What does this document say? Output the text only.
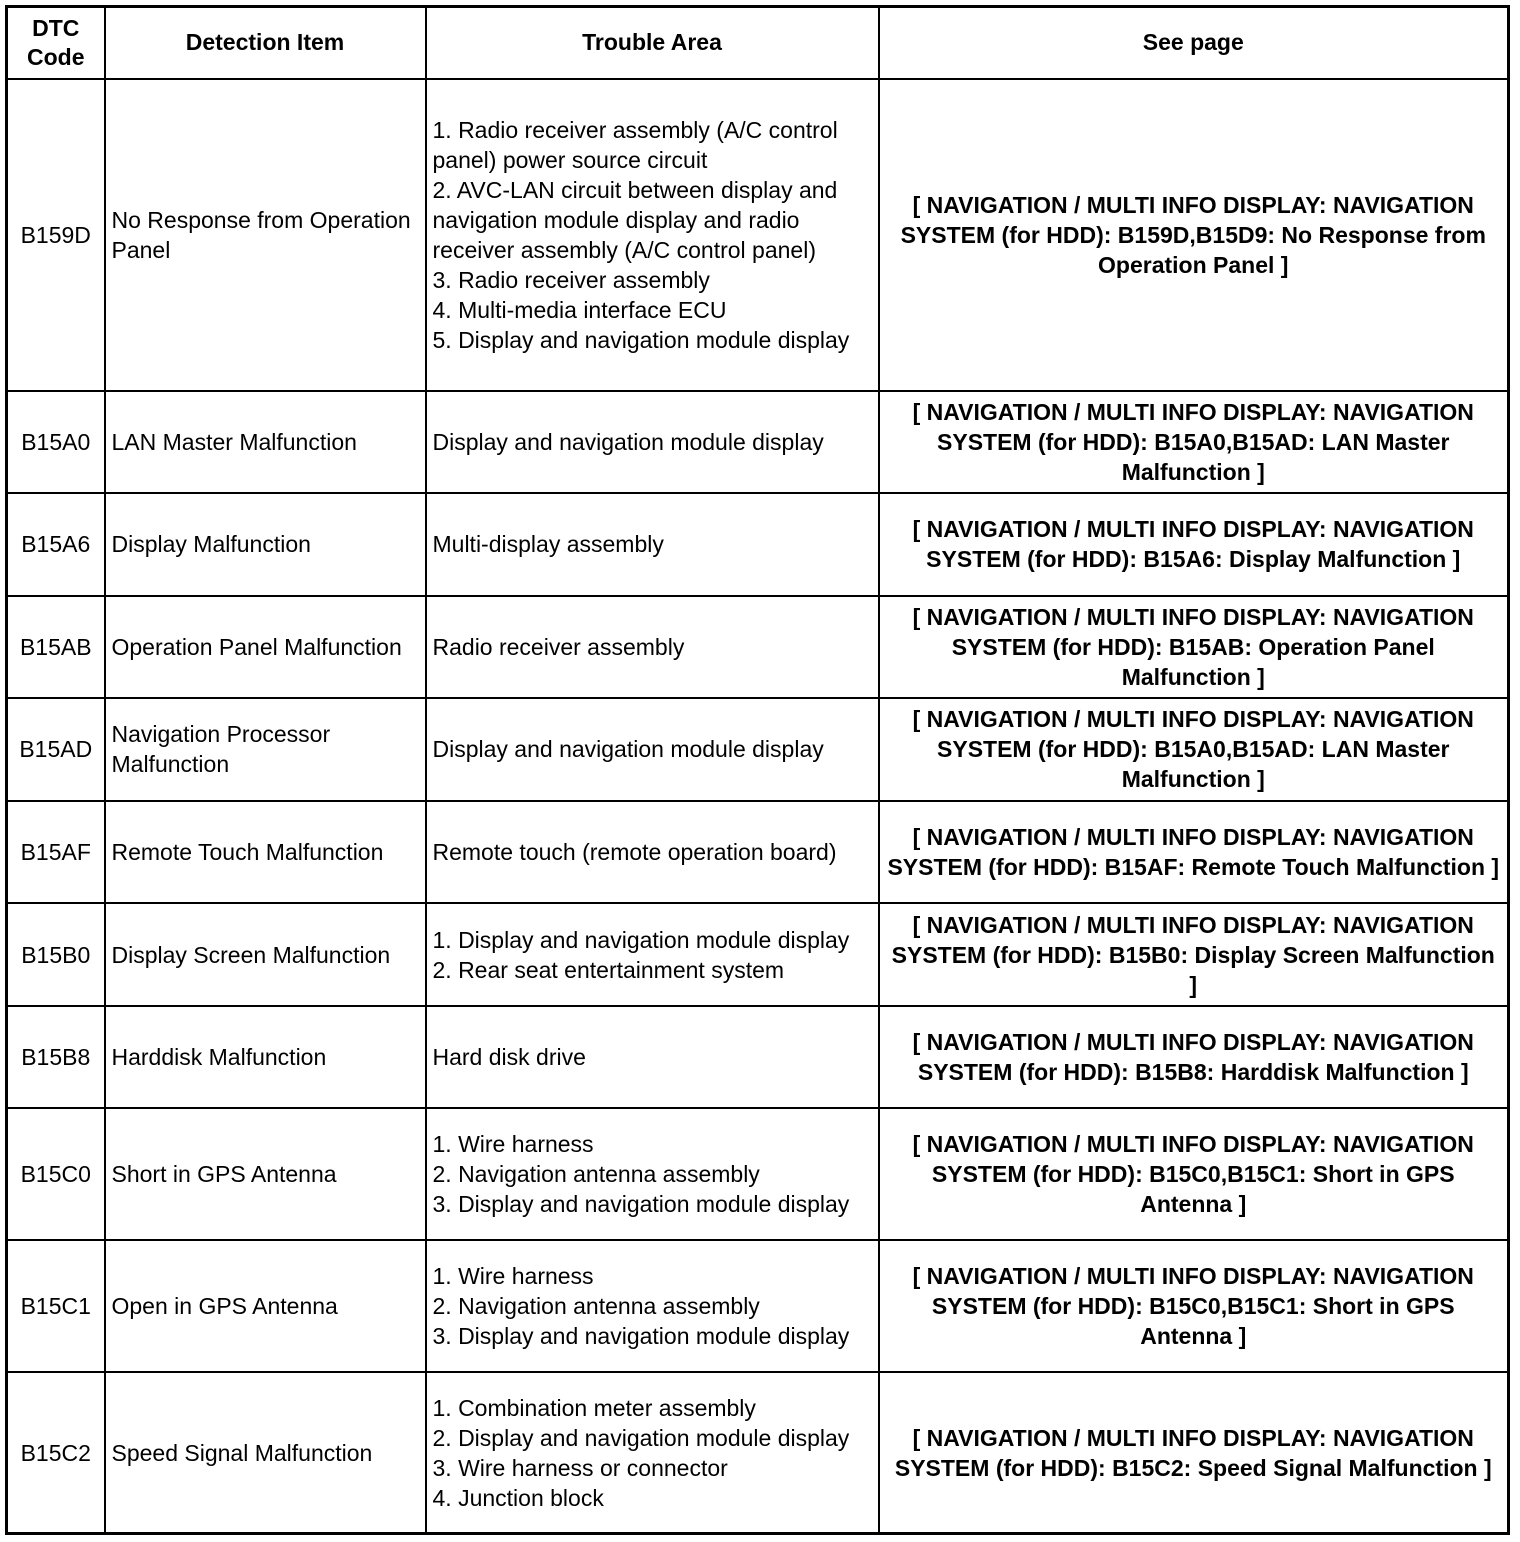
DTC Code	Detection Item	Trouble Area	See page
B159D	No Response from Operation Panel	1. Radio receiver assembly (A/C control panel) power source circuit
2. AVC-LAN circuit between display and navigation module display and radio receiver assembly (A/C control panel)
3. Radio receiver assembly
4. Multi-media interface ECU
5. Display and navigation module display	[ NAVIGATION / MULTI INFO DISPLAY: NAVIGATION SYSTEM (for HDD): B159D,B15D9: No Response from Operation Panel ]
B15A0	LAN Master Malfunction	Display and navigation module display	[ NAVIGATION / MULTI INFO DISPLAY: NAVIGATION SYSTEM (for HDD): B15A0,B15AD: LAN Master Malfunction ]
B15A6	Display Malfunction	Multi-display assembly	[ NAVIGATION / MULTI INFO DISPLAY: NAVIGATION SYSTEM (for HDD): B15A6: Display Malfunction ]
B15AB	Operation Panel Malfunction	Radio receiver assembly	[ NAVIGATION / MULTI INFO DISPLAY: NAVIGATION SYSTEM (for HDD): B15AB: Operation Panel Malfunction ]
B15AD	Navigation Processor Malfunction	Display and navigation module display	[ NAVIGATION / MULTI INFO DISPLAY: NAVIGATION SYSTEM (for HDD): B15A0,B15AD: LAN Master Malfunction ]
B15AF	Remote Touch Malfunction	Remote touch (remote operation board)	[ NAVIGATION / MULTI INFO DISPLAY: NAVIGATION SYSTEM (for HDD): B15AF: Remote Touch Malfunction ]
B15B0	Display Screen Malfunction	1. Display and navigation module display
2. Rear seat entertainment system	[ NAVIGATION / MULTI INFO DISPLAY: NAVIGATION SYSTEM (for HDD): B15B0: Display Screen Malfunction ]
B15B8	Harddisk Malfunction	Hard disk drive	[ NAVIGATION / MULTI INFO DISPLAY: NAVIGATION SYSTEM (for HDD): B15B8: Harddisk Malfunction ]
B15C0	Short in GPS Antenna	1. Wire harness
2. Navigation antenna assembly
3. Display and navigation module display	[ NAVIGATION / MULTI INFO DISPLAY: NAVIGATION SYSTEM (for HDD): B15C0,B15C1: Short in GPS Antenna ]
B15C1	Open in GPS Antenna	1. Wire harness
2. Navigation antenna assembly
3. Display and navigation module display	[ NAVIGATION / MULTI INFO DISPLAY: NAVIGATION SYSTEM (for HDD): B15C0,B15C1: Short in GPS Antenna ]
B15C2	Speed Signal Malfunction	1. Combination meter assembly
2. Display and navigation module display
3. Wire harness or connector
4. Junction block	[ NAVIGATION / MULTI INFO DISPLAY: NAVIGATION SYSTEM (for HDD): B15C2: Speed Signal Malfunction ]
